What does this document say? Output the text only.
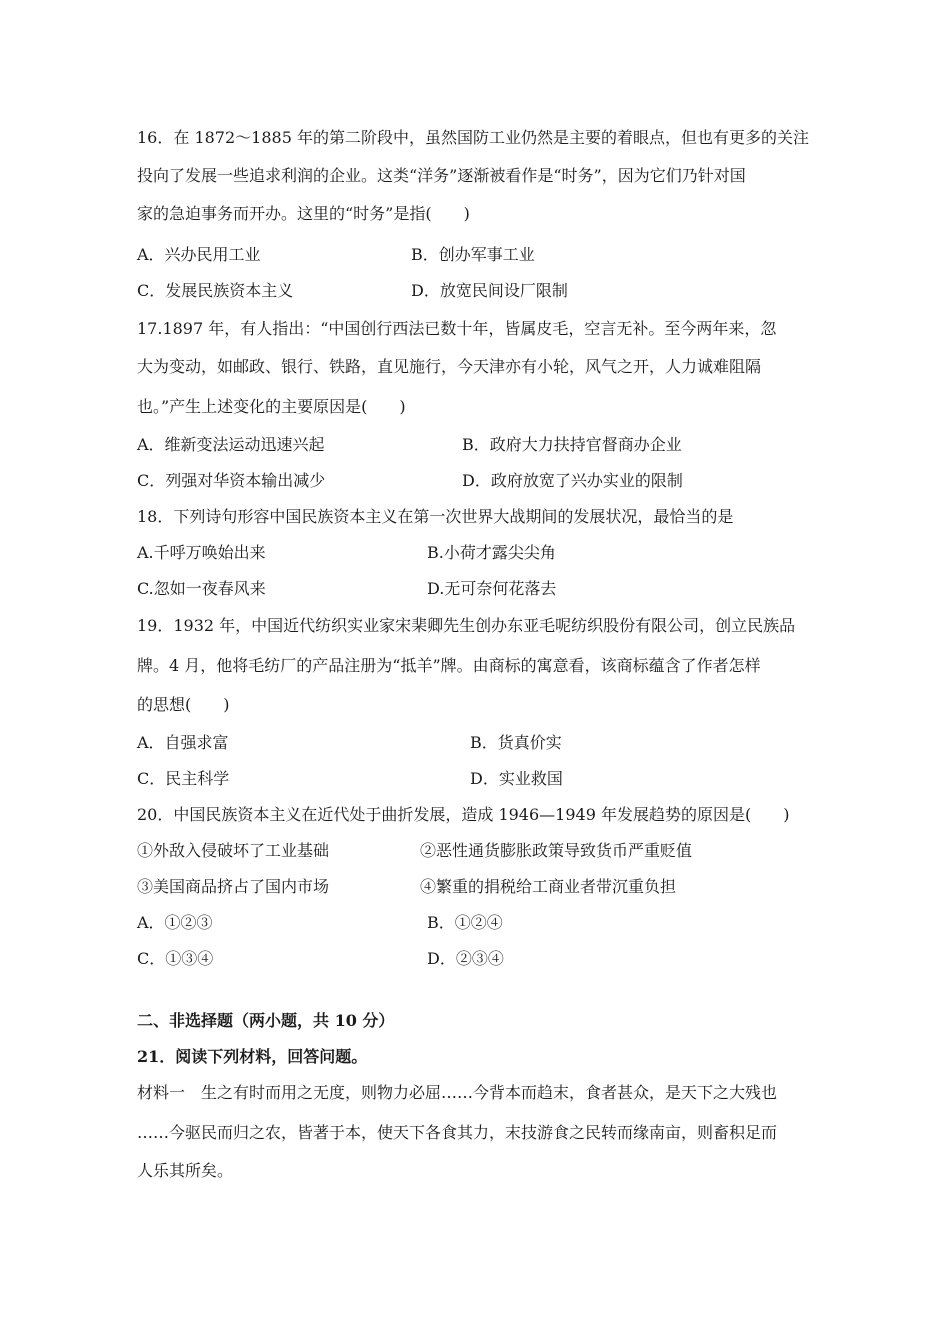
16．在 1872～1885 年的第二阶段中，虽然国防工业仍然是主要的着眼点，但也有更多的关注
投向了发展一些追求利润的企业。这类“洋务”逐渐被看作是“时务”，因为它们乃针对国
家的急迫事务而开办。这里的“时务”是指(　　)
A．兴办民用工业	B．创办军事工业
C．发展民族资本主义	D．放宽民间设厂限制
17.1897 年，有人指出：“中国创行西法已数十年，皆属皮毛，空言无补。至今两年来，忽
大为变动，如邮政、银行、铁路，直见施行，今天津亦有小轮，风气之开，人力诚难阻隔
也。”产生上述变化的主要原因是(　　)
A．维新变法运动迅速兴起	B．政府大力扶持官督商办企业
C．列强对华资本输出减少	D．政府放宽了兴办实业的限制
18．下列诗句形容中国民族资本主义在第一次世界大战期间的发展状况，最恰当的是
A.千呼万唤始出来	B.小荷才露尖尖角
C.忽如一夜春风来	D.无可奈何花落去
19．1932 年，中国近代纺织实业家宋棐卿先生创办东亚毛呢纺织股份有限公司，创立民族品
牌。4 月，他将毛纺厂的产品注册为“抵羊”牌。由商标的寓意看，该商标蕴含了作者怎样
的思想(　　)
A．自强求富	B．货真价实
C．民主科学	D．实业救国
20．中国民族资本主义在近代处于曲折发展，造成 1946—1949 年发展趋势的原因是(　　)
①外敌入侵破坏了工业基础	②恶性通货膨胀政策导致货币严重贬值
③美国商品挤占了国内市场	④繁重的捐税给工商业者带沉重负担
A．①②③	B．①②④
C．①③④	D．②③④
二、非选择题（两小题，共 10 分）
21．阅读下列材料，回答问题。
材料一　生之有时而用之无度，则物力必屈……今背本而趋末，食者甚众，是天下之大残也
……今驱民而归之农，皆著于本，使天下各食其力，末技游食之民转而缘南亩，则畜积足而
人乐其所矣。
